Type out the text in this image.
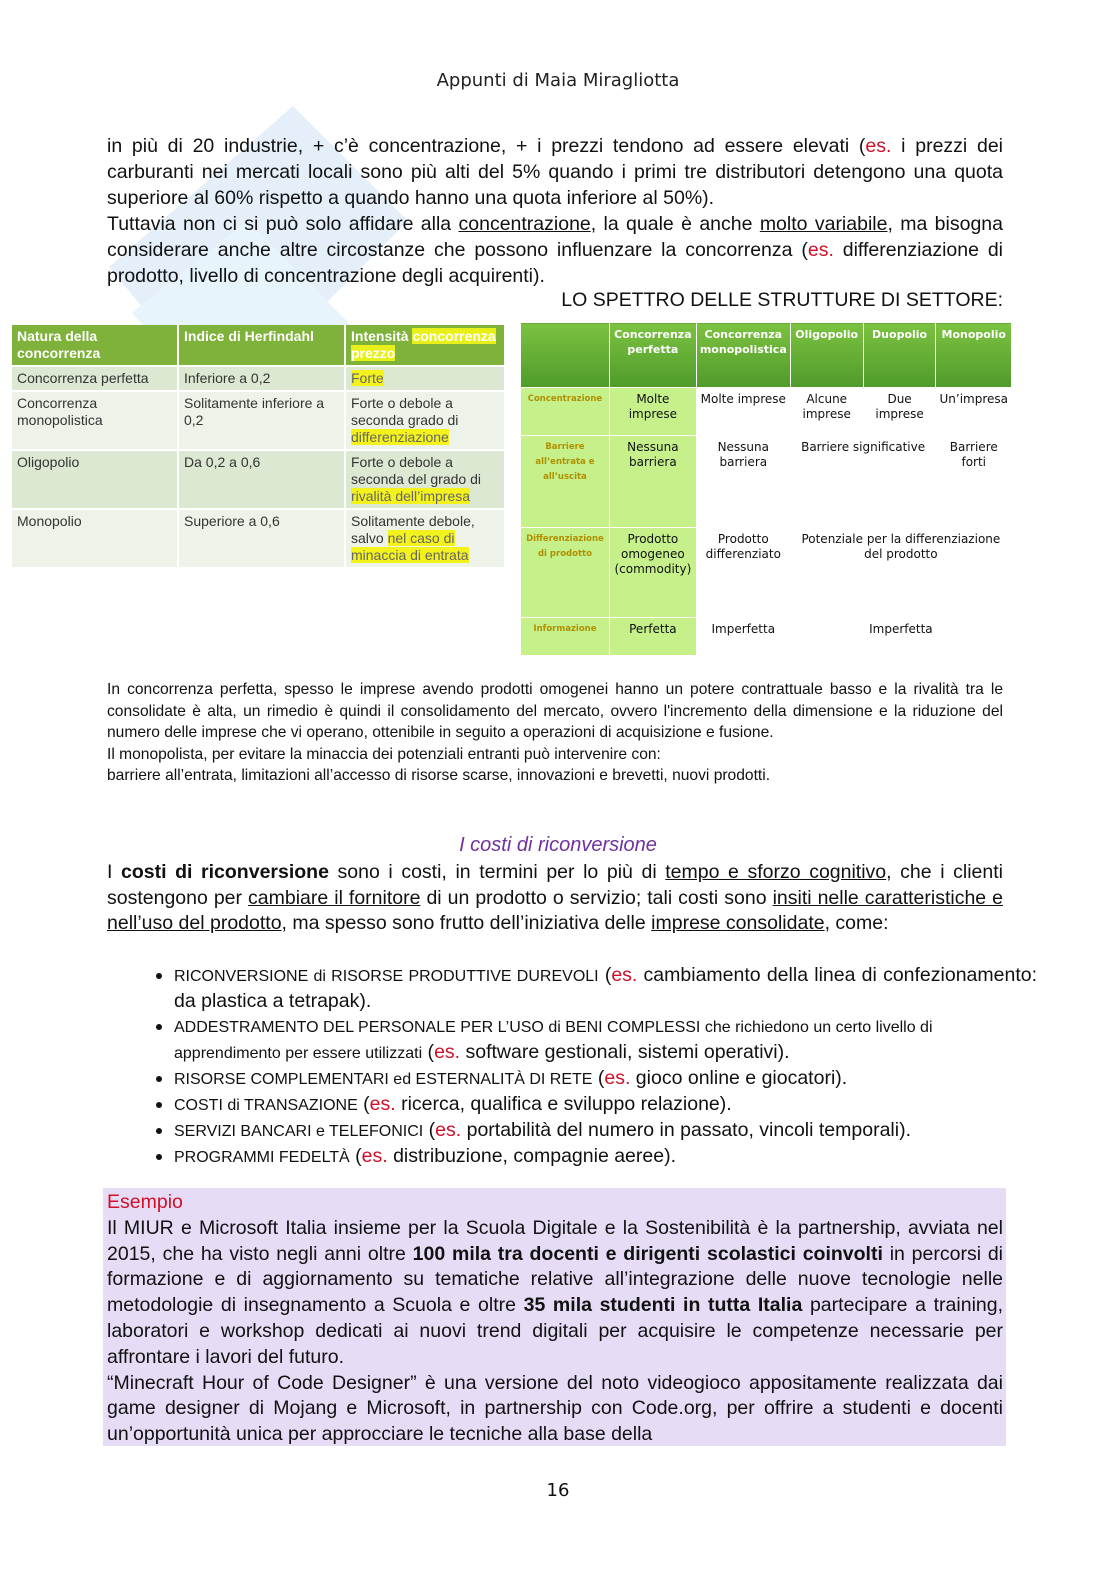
Appunti di Maia Miragliotta
in più di 20 industrie, + c’è concentrazione, + i prezzi tendono ad essere elevati (es. i prezzi dei carburanti nei mercati locali sono più alti del 5% quando i primi tre distributori detengono una quota superiore al 60% rispetto a quando hanno una quota inferiore al 50%).
Tuttavia non ci si può solo affidare alla concentrazione, la quale è anche molto variabile, ma bisogna considerare anche altre circostanze che possono influenzare la concorrenza (es. differenziazione di prodotto, livello di concentrazione degli acquirenti).
LO SPETTRO DELLE STRUTTURE DI SETTORE:
Natura della concorrenza	Indice di Herfindahl	Intensità concorrenza prezzo
Concorrenza perfetta	Inferiore a 0,2	Forte
Concorrenza monopolistica	Solitamente inferiore a 0,2	Forte o debole a seconda grado di differenziazione
Oligopolio	Da 0,2 a 0,6	Forte o debole a seconda del grado di rivalità dell’impresa
Monopolio	Superiore a 0,6	Solitamente debole, salvo nel caso di minaccia di entrata
	Concorrenza perfetta	Concorrenza monopolistica	Oligopolio	Duopolio	Monopolio
Concentrazione	Molte imprese	Molte imprese	Alcune imprese	Due imprese	Un’impresa
Barriere all’entrata e all’uscita	Nessuna barriera	Nessuna barriera	Barriere significative		Barriere forti
Differenziazione di prodotto	Prodotto omogeneo (commodity)	Prodotto differenziato	Potenziale per la differenziazione del prodotto		
Informazione	Perfetta	Imperfetta	Imperfetta		
In concorrenza perfetta, spesso le imprese avendo prodotti omogenei hanno un potere contrattuale basso e la rivalità tra le consolidate è alta, un rimedio è quindi il consolidamento del mercato, ovvero l'incremento della dimensione e la riduzione del numero delle imprese che vi operano, ottenibile in seguito a operazioni di acquisizione e fusione.
Il monopolista, per evitare la minaccia dei potenziali entranti può intervenire con:
barriere all’entrata, limitazioni all’accesso di risorse scarse, innovazioni e brevetti, nuovi prodotti.
I costi di riconversione
I costi di riconversione sono i costi, in termini per lo più di tempo e sforzo cognitivo, che i clienti sostengono per cambiare il fornitore di un prodotto o servizio; tali costi sono insiti nelle caratteristiche e nell’uso del prodotto, ma spesso sono frutto dell’iniziativa delle imprese consolidate, come:
• RICONVERSIONE di RISORSE PRODUTTIVE DUREVOLI (es. cambiamento della linea di confezionamento: da plastica a tetrapak).
• ADDESTRAMENTO DEL PERSONALE PER L’USO di BENI COMPLESSI che richiedono un certo livello di apprendimento per essere utilizzati (es. software gestionali, sistemi operativi).
• RISORSE COMPLEMENTARI ed ESTERNALITÀ DI RETE (es. gioco online e giocatori).
• COSTI di TRANSAZIONE (es. ricerca, qualifica e sviluppo relazione).
• SERVIZI BANCARI e TELEFONICI (es. portabilità del numero in passato, vincoli temporali).
• PROGRAMMI FEDELTÀ (es. distribuzione, compagnie aeree).
Esempio
Il MIUR e Microsoft Italia insieme per la Scuola Digitale e la Sostenibilità è la partnership, avviata nel 2015, che ha visto negli anni oltre 100 mila tra docenti e dirigenti scolastici coinvolti in percorsi di formazione e di aggiornamento su tematiche relative all’integrazione delle nuove tecnologie nelle metodologie di insegnamento a Scuola e oltre 35 mila studenti in tutta Italia partecipare a training, laboratori e workshop dedicati ai nuovi trend digitali per acquisire le competenze necessarie per affrontare i lavori del futuro.
“Minecraft Hour of Code Designer” è una versione del noto videogioco appositamente realizzata dai game designer di Mojang e Microsoft, in partnership con Code.org, per offrire a studenti e docenti un’opportunità unica per approcciare le tecniche alla base della
16
